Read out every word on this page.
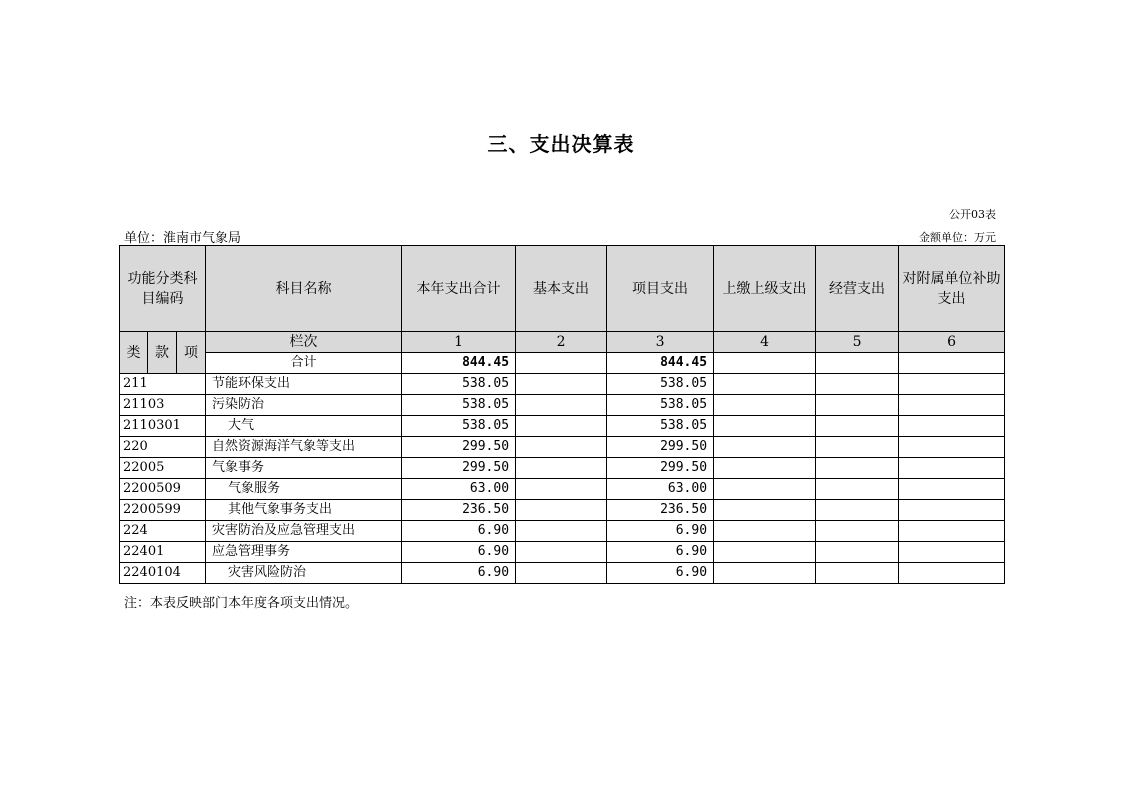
三、支出决算表
公开03表
单位：淮南市气象局	金额单位：万元
功能分类科目编码			科目名称	本年支出合计	基本支出	项目支出	上缴上级支出	经营支出	对附属单位补助支出
类	款	项	栏次	1	2	3	4	5	6
			合计	844.45		844.45			
211			节能环保支出	538.05		538.05			
21103			污染防治	538.05		538.05			
2110301			大气	538.05		538.05			
220			自然资源海洋气象等支出	299.50		299.50			
22005			气象事务	299.50		299.50			
2200509			气象服务	63.00		63.00			
2200599			其他气象事务支出	236.50		236.50			
224			灾害防治及应急管理支出	6.90		6.90			
22401			应急管理事务	6.90		6.90			
2240104			灾害风险防治	6.90		6.90			
注：本表反映部门本年度各项支出情况。
